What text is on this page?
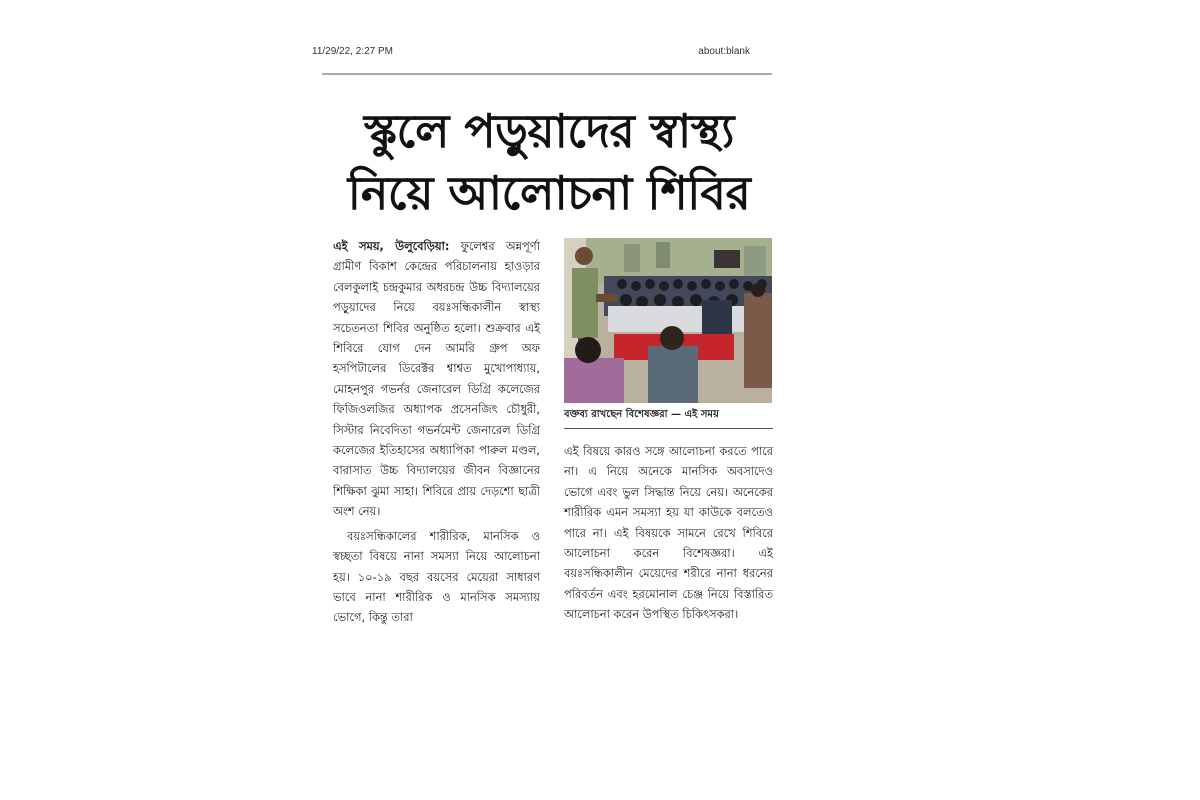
11/29/22, 2:27 PM	about:blank
স্কুলে পড়ুয়াদের স্বাস্থ্য
নিয়ে আলোচনা শিবির

এই সময়, উলুবেড়িয়া: ফুলেশ্বর অন্নপূর্ণা গ্রামীণ বিকাশ কেন্দ্রের পরিচালনায় হাওড়ার বেলকুলাই চন্দ্রকুমার অধরচন্দ্র উচ্চ বিদ্যালয়ের পড়ুয়াদের নিয়ে বয়ঃসন্ধিকালীন স্বাস্থ্য সচেতনতা শিবির অনুষ্ঠিত হলো। শুক্রবার এই শিবিরে যোগ দেন আমরি গ্রুপ অফ হসপিটালের ডিরেক্টর শ্বাশ্বত মুখোপাধ্যায়, মোহনপুর গভর্নর জেনারেল ডিগ্রি কলেজের ফিজিওলজির অধ্যাপক প্রসেনজিৎ চৌধুরী, সিস্টার নিবেদিতা গভর্নমেন্ট জেনারেল ডিগ্রি কলেজের ইতিহাসের অধ্যাপিকা পারুল মণ্ডল, বারাসাত উচ্চ বিদ্যালয়ের জীবন বিজ্ঞানের শিক্ষিকা ঝুমা সাহা। শিবিরে প্রায় দেড়শো ছাত্রী অংশ নেয়।

বয়ঃসন্ধিকালের শারীরিক, মানসিক ও স্বচ্ছতা বিষয়ে নানা সমস্যা নিয়ে আলোচনা হয়। ১০-১৯ বছর বয়সের মেয়েরা সাধারণ ভাবে নানা শারীরিক ও মানসিক সমস্যায় ভোগে, কিন্তু তারা

বক্তব্য রাখছেন বিশেষজ্ঞরা — এই সময়

এই বিষয়ে কারও সঙ্গে আলোচনা করতে পারে না। এ নিয়ে অনেকে মানসিক অবসাদেও ভোগে এবং ভুল সিদ্ধান্ত নিয়ে নেয়। অনেকের শারীরিক এমন সমস্যা হয় যা কাউকে বলতেও পারে না। এই বিষয়কে সামনে রেখে শিবিরে আলোচনা করেন বিশেষজ্ঞরা। এই বয়ঃসন্ধিকালীন মেয়েদের শরীরে নানা ধরনের পরিবর্তন এবং হরমোনাল চেঞ্জ নিয়ে বিস্তারিত আলোচনা করেন উপস্থিত চিকিৎসকরা।
